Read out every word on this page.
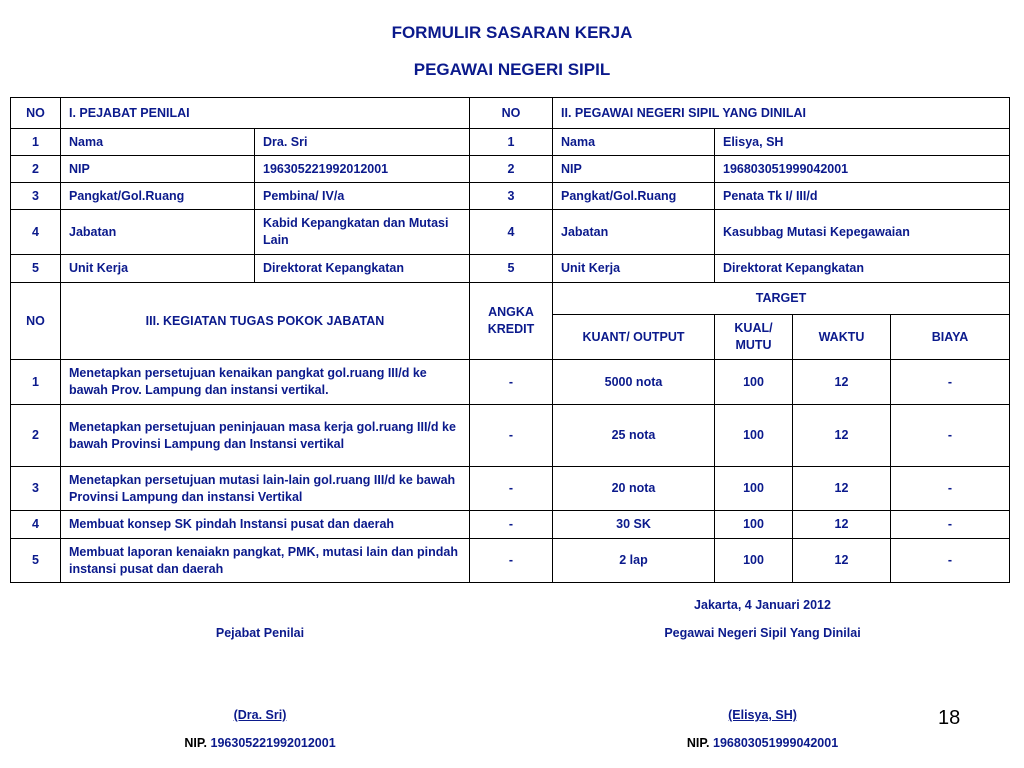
FORMULIR SASARAN KERJA
PEGAWAI NEGERI SIPIL
NO	I. PEJABAT PENILAI		NO	II. PEGAWAI NEGERI SIPIL YANG DINILAI			
1	Nama	Dra. Sri	1	Nama	Elisya, SH		
2	NIP	196305221992012001	2	NIP	196803051999042001		
3	Pangkat/Gol.Ruang	Pembina/ IV/a	3	Pangkat/Gol.Ruang	Penata Tk I/ III/d		
4	Jabatan	Kabid Kepangkatan dan Mutasi Lain	4	Jabatan	Kasubbag Mutasi Kepegawaian		
5	Unit Kerja	Direktorat Kepangkatan	5	Unit Kerja	Direktorat Kepangkatan		
NO	III. KEGIATAN TUGAS POKOK JABATAN		ANGKA KREDIT	TARGET			
				KUANT/ OUTPUT	KUAL/ MUTU	WAKTU	BIAYA
1	Menetapkan persetujuan kenaikan pangkat gol.ruang III/d ke bawah Prov. Lampung dan instansi vertikal.		-	5000 nota	100	12	-
2	Menetapkan persetujuan peninjauan masa kerja gol.ruang III/d ke bawah Provinsi Lampung dan Instansi vertikal		-	25 nota	100	12	-
3	Menetapkan persetujuan mutasi lain-lain gol.ruang III/d ke bawah Provinsi Lampung dan instansi Vertikal		-	20 nota	100	12	-
4	Membuat konsep SK pindah Instansi pusat dan daerah		-	30 SK	100	12	-
5	Membuat laporan kenaiakn pangkat, PMK, mutasi lain dan pindah instansi pusat dan daerah		-	2 lap	100	12	-
Jakarta, 4 Januari 2012
Pejabat Penilai	Pegawai Negeri Sipil Yang Dinilai
(Dra. Sri)	(Elisya, SH)
NIP. 196305221992012001	NIP. 196803051999042001
18
